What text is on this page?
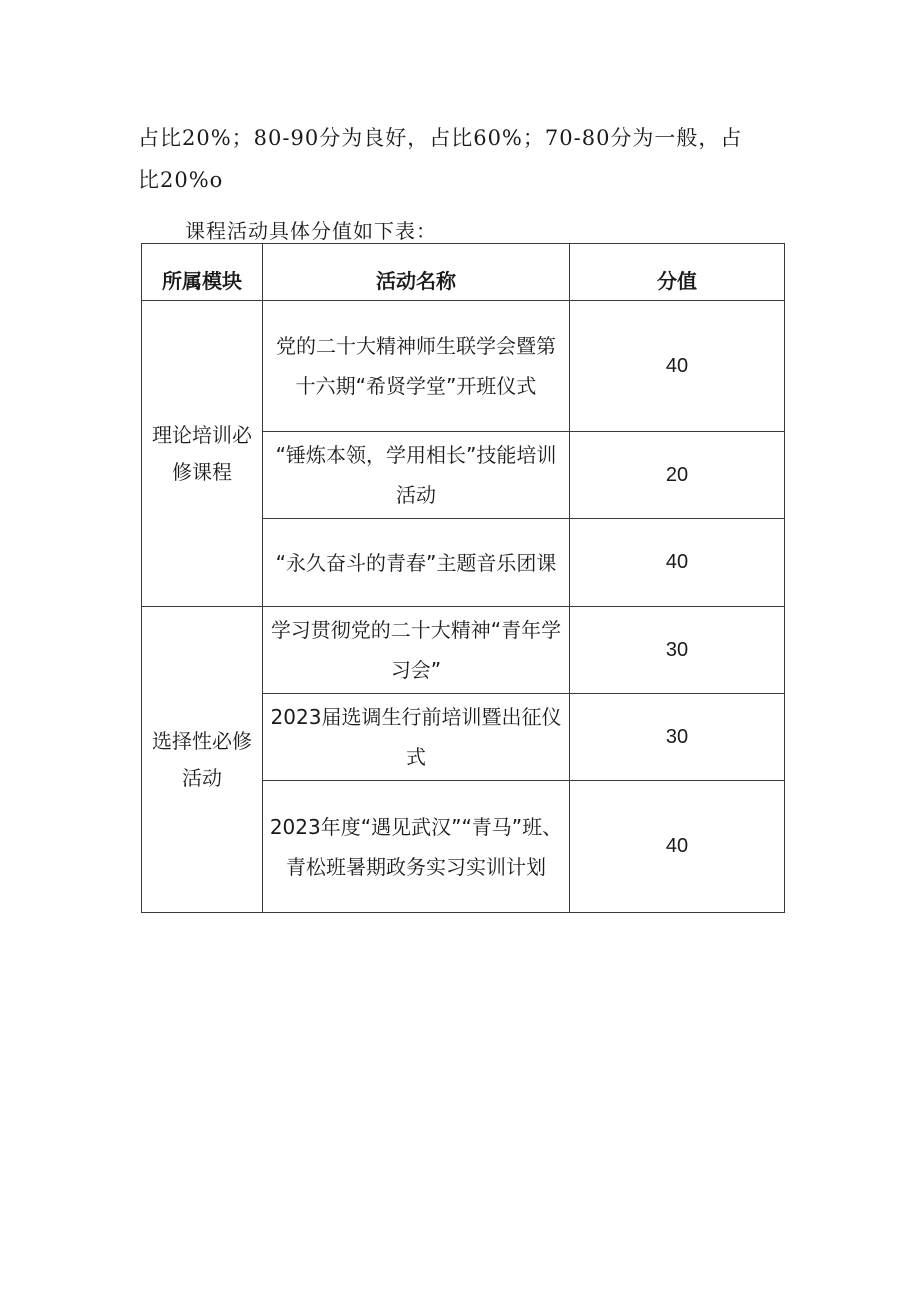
占比20%；80-90分为良好，占比60%；70-80分为一般，占
比20%o
课程活动具体分值如下表：
所属模块	活动名称	分值
理论培训必修课程	党的二十大精神师生联学会暨第十六期“希贤学堂”开班仪式	40
	“锤炼本领，学用相长”技能培训活动	20
	“永久奋斗的青春”主题音乐团课	40
选择性必修活动	学习贯彻党的二十大精神“青年学习会”	30
	2023届选调生行前培训暨出征仪式	30
	2023年度“遇见武汉”“青马”班、青松班暑期政务实习实训计划	40
